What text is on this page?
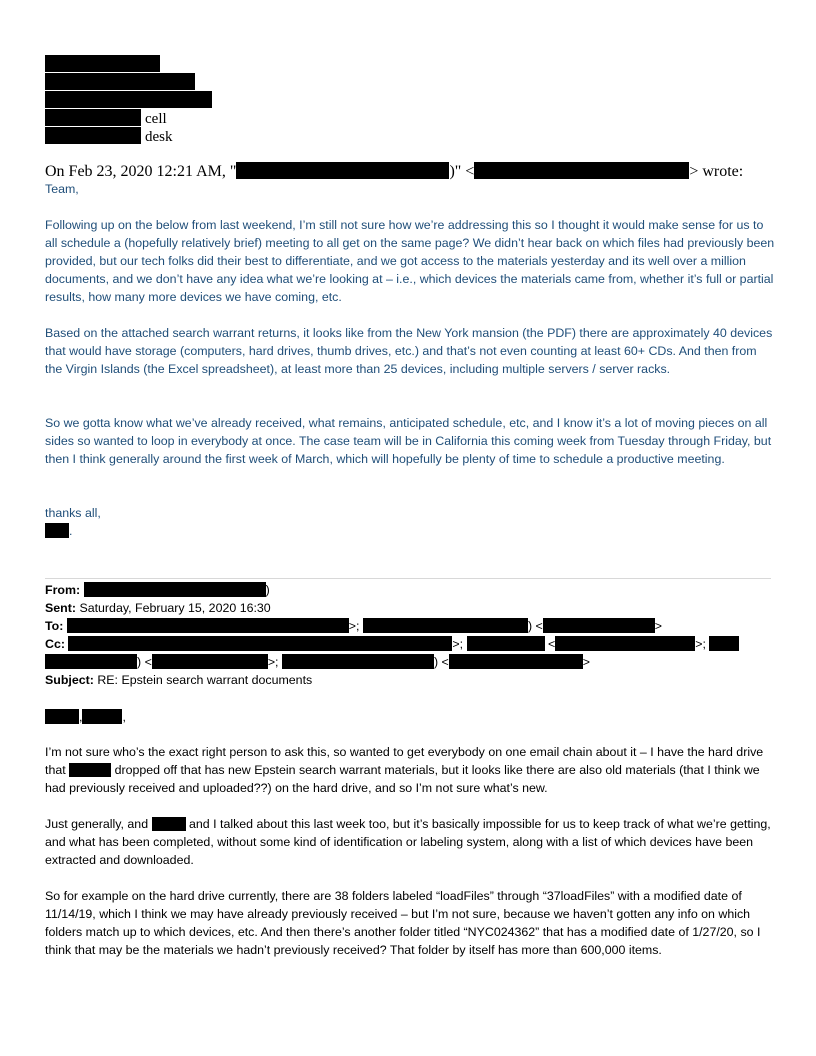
cell
desk
On Feb 23, 2020 12:21 AM, "	)" <	> wrote:
Team,

Following up on the below from last weekend, I’m still not sure how we’re addressing this so I thought it would make sense for us to all schedule a (hopefully relatively brief) meeting to all get on the same page? We didn’t hear back on which files had previously been provided, but our tech folks did their best to differentiate, and we got access to the materials yesterday and its well over a million documents, and we don’t have any idea what we’re looking at – i.e., which devices the materials came from, whether it’s full or partial results, how many more devices we have coming, etc.

Based on the attached search warrant returns, it looks like from the New York mansion (the PDF) there are approximately 40 devices that would have storage (computers, hard drives, thumb drives, etc.) and that’s not even counting at least 60+ CDs. And then from the Virgin Islands (the Excel spreadsheet), at least more than 25 devices, including multiple servers / server racks.

So we gotta know what we’ve already received, what remains, anticipated schedule, etc, and I know it’s a lot of moving pieces on all sides so wanted to loop in everybody at once. The case team will be in California this coming week from Tuesday through Friday, but then I think generally around the first week of March, which will hopefully be plenty of time to schedule a productive meeting.

thanks all,
.
From:	)
Sent: Saturday, February 15, 2020 16:30
To:	>;	) <	>
Cc:	>;	<	>;
) <	>;	) <	>
Subject: RE: Epstein search warrant documents
,	,

I’m not sure who’s the exact right person to ask this, so wanted to get everybody on one email chain about it – I have the hard drive that	dropped off that has new Epstein search warrant materials, but it looks like there are also old materials (that I think we had previously received and uploaded??) on the hard drive, and so I’m not sure what’s new.

Just generally, and	and I talked about this last week too, but it’s basically impossible for us to keep track of what we’re getting, and what has been completed, without some kind of identification or labeling system, along with a list of which devices have been extracted and downloaded.

So for example on the hard drive currently, there are 38 folders labeled “loadFiles” through “37loadFiles” with a modified date of 11/14/19, which I think we may have already previously received – but I’m not sure, because we haven’t gotten any info on which folders match up to which devices, etc. And then there’s another folder titled “NYC024362” that has a modified date of 1/27/20, so I think that may be the materials we hadn’t previously received? That folder by itself has more than 600,000 items.
